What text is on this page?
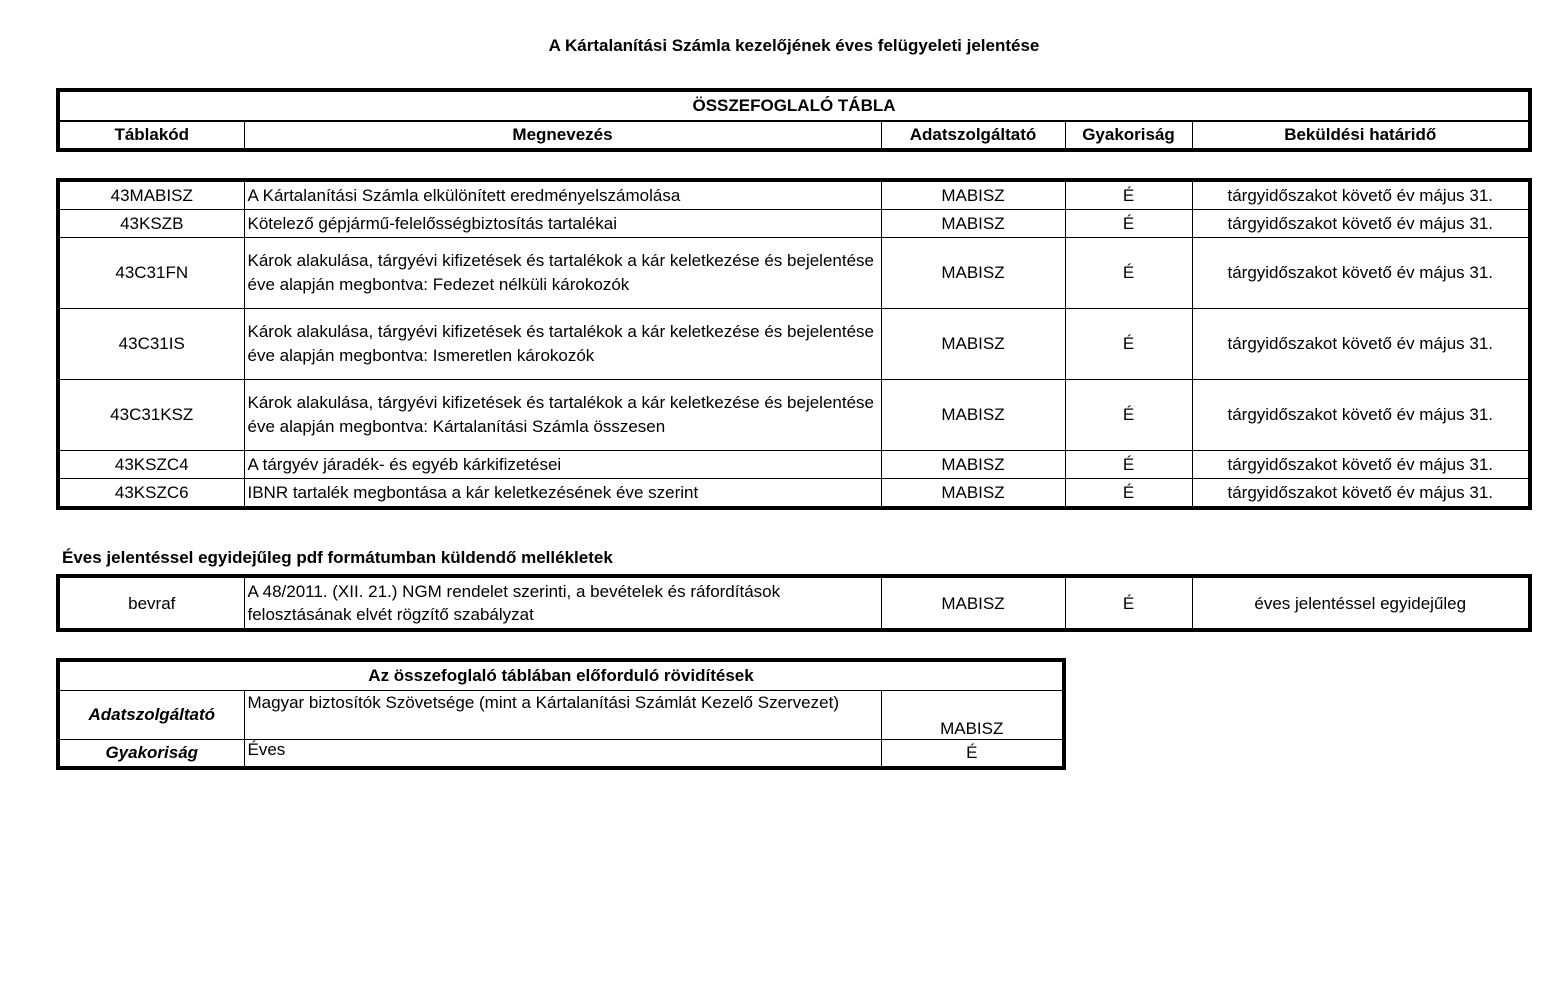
A Kártalanítási Számla kezelőjének éves felügyeleti jelentése
ÖSSZEFOGLALÓ TÁBLA
Táblakód	Megnevezés	Adatszolgáltató	Gyakoriság	Beküldési határidő
43MABISZ	A Kártalanítási Számla elkülönített eredményelszámolása	MABISZ	É	tárgyidőszakot követő év május 31.
43KSZB	Kötelező gépjármű-felelősségbiztosítás tartalékai	MABISZ	É	tárgyidőszakot követő év május 31.
43C31FN	Károk alakulása, tárgyévi kifizetések és tartalékok a kár keletkezése és bejelentése éve alapján megbontva: Fedezet nélküli károkozók	MABISZ	É	tárgyidőszakot követő év május 31.
43C31IS	Károk alakulása, tárgyévi kifizetések és tartalékok a kár keletkezése és bejelentése éve alapján megbontva: Ismeretlen károkozók	MABISZ	É	tárgyidőszakot követő év május 31.
43C31KSZ	Károk alakulása, tárgyévi kifizetések és tartalékok a kár keletkezése és bejelentése éve alapján megbontva: Kártalanítási Számla összesen	MABISZ	É	tárgyidőszakot követő év május 31.
43KSZC4	A tárgyév járadék- és egyéb kárkifizetései	MABISZ	É	tárgyidőszakot követő év május 31.
43KSZC6	IBNR tartalék megbontása a kár keletkezésének éve szerint	MABISZ	É	tárgyidőszakot követő év május 31.
Éves jelentéssel egyidejűleg pdf formátumban küldendő mellékletek
bevraf	A 48/2011. (XII. 21.) NGM rendelet szerinti, a bevételek és ráfordítások felosztásának elvét rögzítő szabályzat	MABISZ	É	éves jelentéssel egyidejűleg
Az összefoglaló táblában előforduló rövidítések		
Adatszolgáltató	Magyar biztosítók Szövetsége (mint a Kártalanítási Számlát Kezelő Szervezet)	MABISZ
Gyakoriság	Éves	É
